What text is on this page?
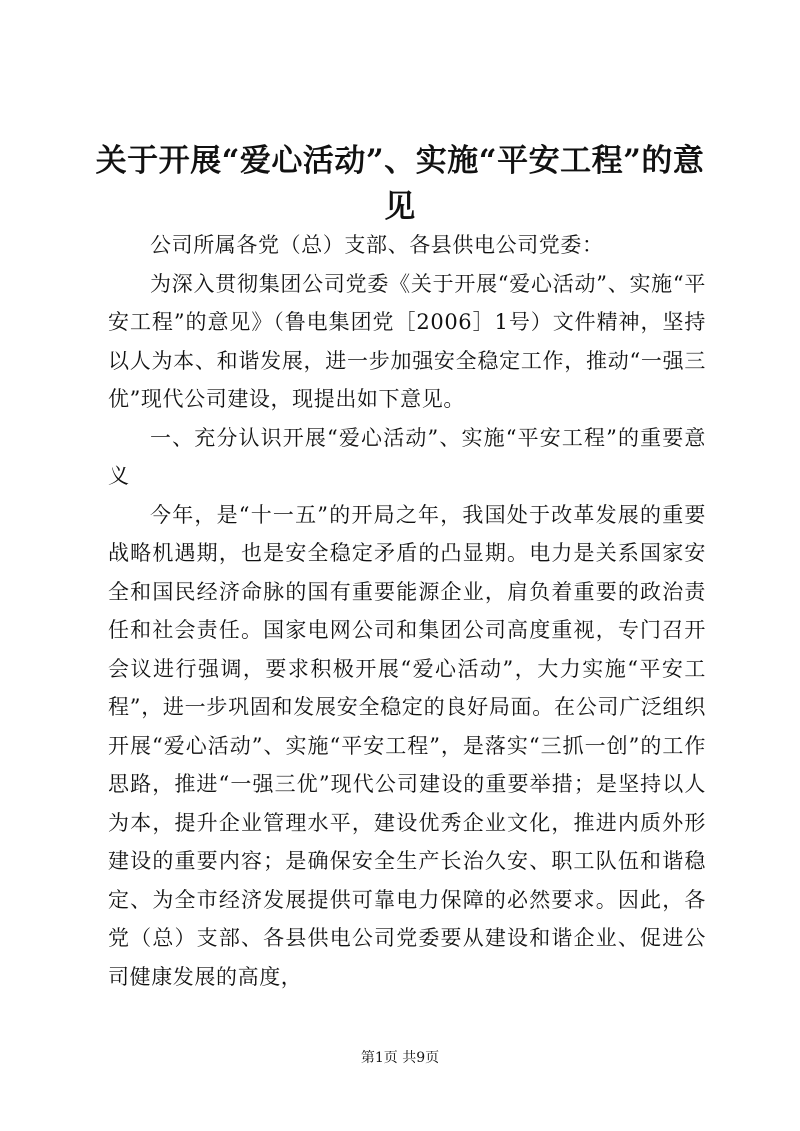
关于开展“爱心活动”、实施“平安工程”的意见

公司所属各党（总）支部、各县供电公司党委：

为深入贯彻集团公司党委《关于开展“爱心活动”、实施“平安工程”的意见》（鲁电集团党［2006］1号）文件精神，坚持以人为本、和谐发展，进一步加强安全稳定工作，推动“一强三优”现代公司建设，现提出如下意见。

一、充分认识开展“爱心活动”、实施“平安工程”的重要意义

今年，是“十一五”的开局之年，我国处于改革发展的重要战略机遇期，也是安全稳定矛盾的凸显期。电力是关系国家安全和国民经济命脉的国有重要能源企业，肩负着重要的政治责任和社会责任。国家电网公司和集团公司高度重视，专门召开会议进行强调，要求积极开展“爱心活动”，大力实施“平安工程”，进一步巩固和发展安全稳定的良好局面。在公司广泛组织开展“爱心活动”、实施“平安工程”，是落实“三抓一创”的工作思路，推进“一强三优”现代公司建设的重要举措；是坚持以人为本，提升企业管理水平，建设优秀企业文化，推进内质外形建设的重要内容；是确保安全生产长治久安、职工队伍和谐稳定、为全市经济发展提供可靠电力保障的必然要求。因此，各党（总）支部、各县供电公司党委要从建设和谐企业、促进公司健康发展的高度，

第1页 共9页
